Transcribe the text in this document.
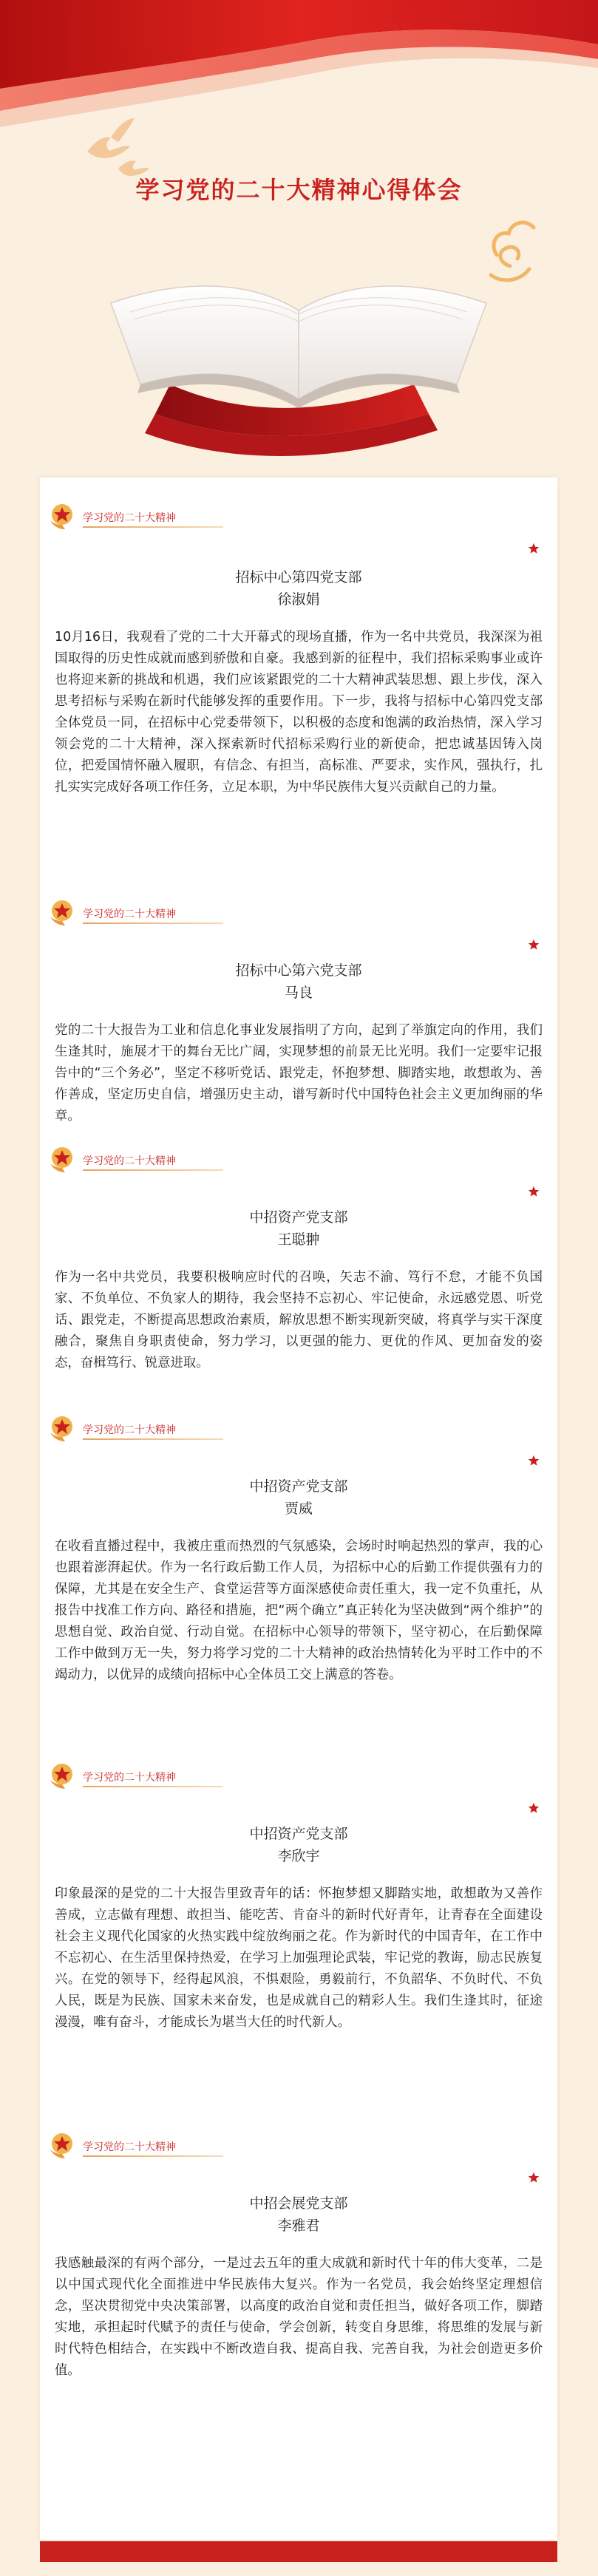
学习党的二十大精神心得体会
学习党的二十大精神
招标中心第四党支部
徐淑娟
10月16日，我观看了党的二十大开幕式的现场直播，作为一名中共党员，我深深为祖国取得的历史性成就而感到骄傲和自豪。我感到新的征程中，我们招标采购事业或许也将迎来新的挑战和机遇，我们应该紧跟党的二十大精神武装思想、跟上步伐，深入思考招标与采购在新时代能够发挥的重要作用。下一步，我将与招标中心第四党支部全体党员一同，在招标中心党委带领下，以积极的态度和饱满的政治热情，深入学习领会党的二十大精神，深入探索新时代招标采购行业的新使命，把忠诚基因铸入岗位，把爱国情怀融入履职，有信念、有担当，高标准、严要求，实作风，强执行，扎扎实实完成好各项工作任务，立足本职，为中华民族伟大复兴贡献自己的力量。
学习党的二十大精神
招标中心第六党支部
马良
党的二十大报告为工业和信息化事业发展指明了方向，起到了举旗定向的作用，我们生逢其时，施展才干的舞台无比广阔，实现梦想的前景无比光明。我们一定要牢记报告中的“三个务必”，坚定不移听党话、跟党走，怀抱梦想、脚踏实地，敢想敢为、善作善成，坚定历史自信，增强历史主动，谱写新时代中国特色社会主义更加绚丽的华章。
学习党的二十大精神
中招资产党支部
王聪翀
作为一名中共党员，我要积极响应时代的召唤，矢志不渝、笃行不怠，才能不负国家、不负单位、不负家人的期待，我会坚持不忘初心、牢记使命，永远感党恩、听党话、跟党走，不断提高思想政治素质，解放思想不断实现新突破，将真学与实干深度融合，聚焦自身职责使命，努力学习，以更强的能力、更优的作风、更加奋发的姿态，奋楫笃行、锐意进取。
学习党的二十大精神
中招资产党支部
贾威
在收看直播过程中，我被庄重而热烈的气氛感染，会场时时响起热烈的掌声，我的心也跟着澎湃起伏。作为一名行政后勤工作人员，为招标中心的后勤工作提供强有力的保障，尤其是在安全生产、食堂运营等方面深感使命责任重大，我一定不负重托，从报告中找准工作方向、路径和措施，把“两个确立”真正转化为坚决做到“两个维护”的思想自觉、政治自觉、行动自觉。在招标中心领导的带领下，坚守初心，在后勤保障工作中做到万无一失，努力将学习党的二十大精神的政治热情转化为平时工作中的不竭动力，以优异的成绩向招标中心全体员工交上满意的答卷。
学习党的二十大精神
中招资产党支部
李欣宇
印象最深的是党的二十大报告里致青年的话：怀抱梦想又脚踏实地，敢想敢为又善作善成，立志做有理想、敢担当、能吃苦、肯奋斗的新时代好青年，让青春在全面建设社会主义现代化国家的火热实践中绽放绚丽之花。作为新时代的中国青年，在工作中不忘初心、在生活里保持热爱，在学习上加强理论武装，牢记党的教诲，励志民族复兴。在党的领导下，经得起风浪，不惧艰险，勇毅前行，不负韶华、不负时代、不负人民，既是为民族、国家未来奋发，也是成就自己的精彩人生。我们生逢其时，征途漫漫，唯有奋斗，才能成长为堪当大任的时代新人。
学习党的二十大精神
中招会展党支部
李雅君
我感触最深的有两个部分，一是过去五年的重大成就和新时代十年的伟大变革，二是以中国式现代化全面推进中华民族伟大复兴。作为一名党员，我会始终坚定理想信念，坚决贯彻党中央决策部署，以高度的政治自觉和责任担当，做好各项工作，脚踏实地，承担起时代赋予的责任与使命，学会创新，转变自身思维，将思维的发展与新时代特色相结合，在实践中不断改造自我、提高自我、完善自我，为社会创造更多价值。
